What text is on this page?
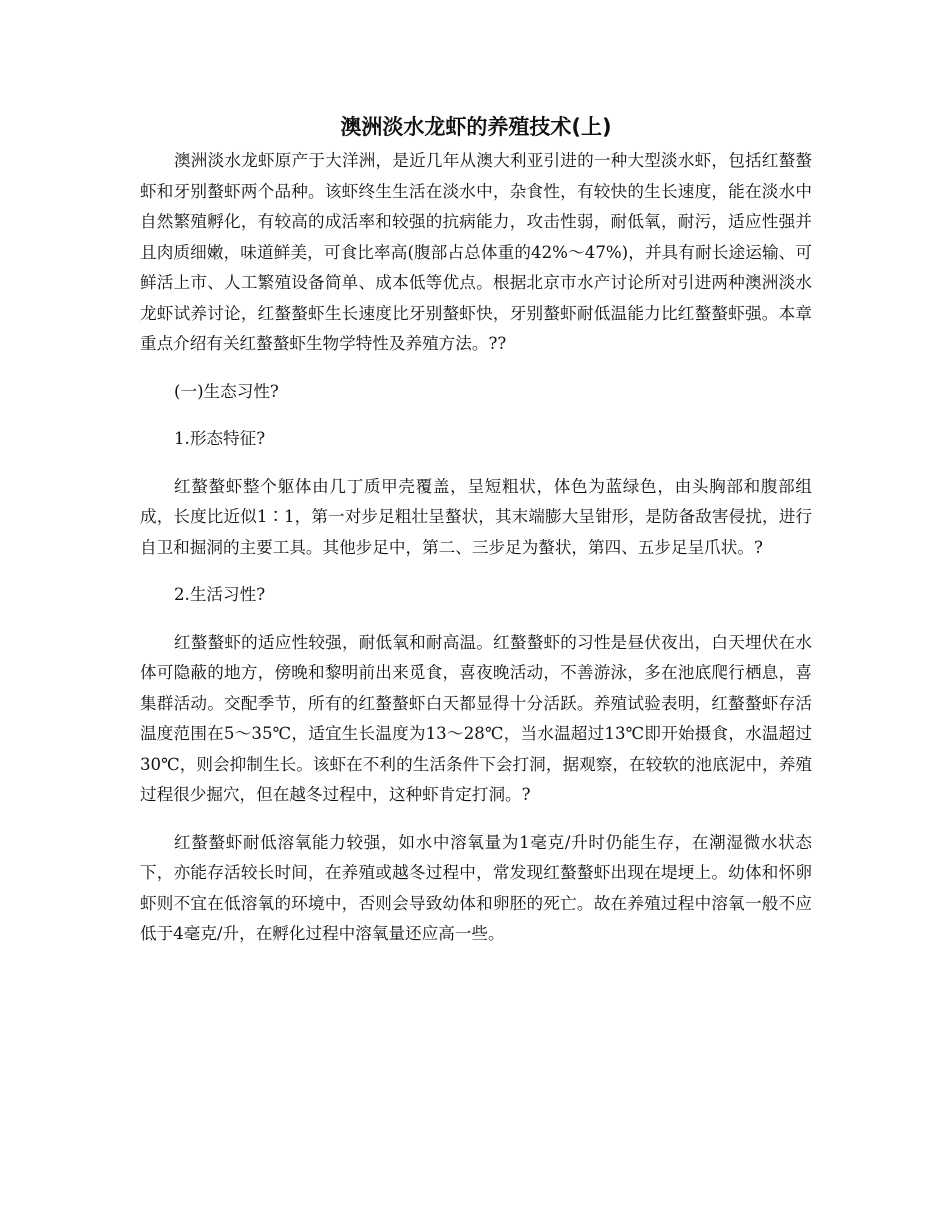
澳洲淡水龙虾的养殖技术(上)

澳洲淡水龙虾原产于大洋洲，是近几年从澳大利亚引进的一种大型淡水虾，包括红螯螯虾和牙别螯虾两个品种。该虾终生生活在淡水中，杂食性，有较快的生长速度，能在淡水中自然繁殖孵化，有较高的成活率和较强的抗病能力，攻击性弱，耐低氧，耐污，适应性强并且肉质细嫩，味道鲜美，可食比率高(腹部占总体重的42%～47%)，并具有耐长途运输、可鲜活上市、人工繁殖设备简单、成本低等优点。根据北京市水产讨论所对引进两种澳洲淡水龙虾试养讨论，红螯螯虾生长速度比牙别螯虾快，牙别螯虾耐低温能力比红螯螯虾强。本章重点介绍有关红螯螯虾生物学特性及养殖方法。??

(一)生态习性?

1.形态特征?

红螯螯虾整个躯体由几丁质甲壳覆盖，呈短粗状，体色为蓝绿色，由头胸部和腹部组成，长度比近似1∶1，第一对步足粗壮呈螯状，其末端膨大呈钳形，是防备敌害侵扰，进行自卫和掘洞的主要工具。其他步足中，第二、三步足为螯状，第四、五步足呈爪状。?

2.生活习性?

红螯螯虾的适应性较强，耐低氧和耐高温。红螯螯虾的习性是昼伏夜出，白天埋伏在水体可隐蔽的地方，傍晚和黎明前出来觅食，喜夜晚活动，不善游泳，多在池底爬行栖息，喜集群活动。交配季节，所有的红螯螯虾白天都显得十分活跃。养殖试验表明，红螯螯虾存活温度范围在5～35℃，适宜生长温度为13～28℃，当水温超过13℃即开始摄食，水温超过30℃，则会抑制生长。该虾在不利的生活条件下会打洞，据观察，在较软的池底泥中，养殖过程很少掘穴，但在越冬过程中，这种虾肯定打洞。?

红螯螯虾耐低溶氧能力较强，如水中溶氧量为1毫克/升时仍能生存，在潮湿微水状态下，亦能存活较长时间，在养殖或越冬过程中，常发现红螯螯虾出现在堤埂上。幼体和怀卵虾则不宜在低溶氧的环境中，否则会导致幼体和卵胚的死亡。故在养殖过程中溶氧一般不应低于4毫克/升，在孵化过程中溶氧量还应高一些。
